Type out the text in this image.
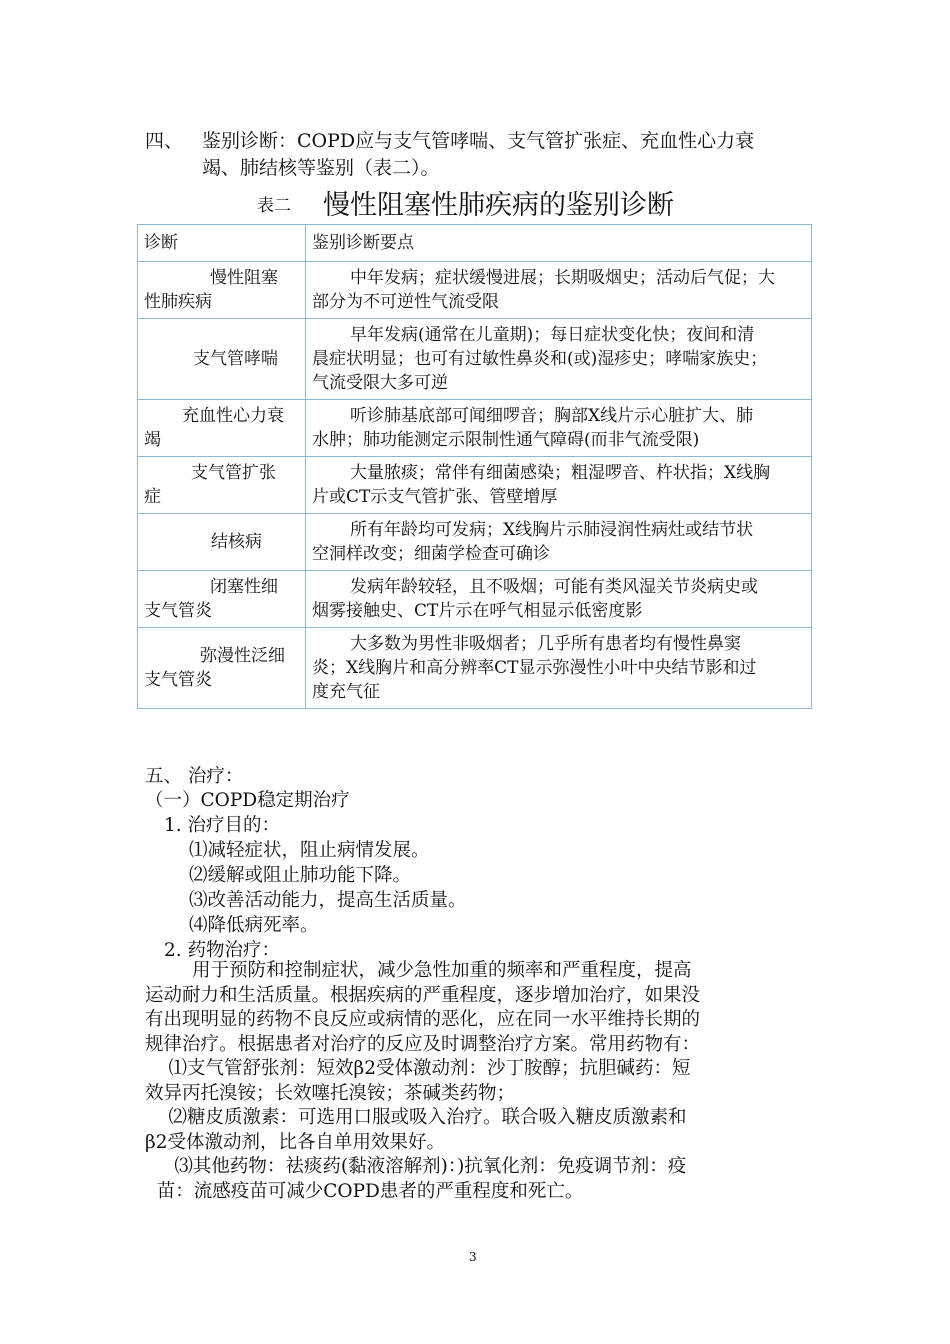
四、 鉴别诊断：COPD应与支气管哮喘、支气管扩张症、充血性心力衰
竭、肺结核等鉴别（表二）。
表二 慢性阻塞性肺疾病的鉴别诊断
诊断	鉴别诊断要点
慢性阻塞
性肺疾病	中年发病；症状缓慢进展；长期吸烟史；活动后气促；大
部分为不可逆性气流受限

支气管哮喘	早年发病(通常在儿童期)；每日症状变化快；夜间和清
晨症状明显；也可有过敏性鼻炎和(或)湿疹史；哮喘家族史；
气流受限大多可逆

充血性心力衰
竭	听诊肺基底部可闻细啰音；胸部X线片示心脏扩大、肺
水肿；肺功能测定示限制性通气障碍(而非气流受限)

支气管扩张
症	大量脓痰；常伴有细菌感染；粗湿啰音、杵状指；X线胸
片或CT示支气管扩张、管壁增厚

结核病	所有年龄均可发病；X线胸片示肺浸润性病灶或结节状
空洞样改变；细菌学检查可确诊

闭塞性细
支气管炎	发病年龄较轻，且不吸烟；可能有类风湿关节炎病史或
烟雾接触史、CT片示在呼气相显示低密度影

弥漫性泛细
支气管炎	大多数为男性非吸烟者；几乎所有患者均有慢性鼻窦
炎；X线胸片和高分辨率CT显示弥漫性小叶中央结节影和过
度充气征
五、 治疗：
（一）COPD稳定期治疗
1. 治疗目的：
⑴减轻症状，阻止病情发展。
⑵缓解或阻止肺功能下降。
⑶改善活动能力，提高生活质量。
⑷降低病死率。
2. 药物治疗：
用于预防和控制症状，减少急性加重的频率和严重程度，提高
运动耐力和生活质量。根据疾病的严重程度，逐步增加治疗，如果没
有出现明显的药物不良反应或病情的恶化，应在同一水平维持长期的
规律治疗。根据患者对治疗的反应及时调整治疗方案。常用药物有：
⑴支气管舒张剂：短效β2受体激动剂：沙丁胺醇；抗胆碱药：短
效异丙托溴铵；长效噻托溴铵；茶碱类药物；
⑵糖皮质激素：可选用口服或吸入治疗。联合吸入糖皮质激素和
β2受体激动剂，比各自单用效果好。
⑶其他药物：祛痰药(黏液溶解剂)：)抗氧化剂：免疫调节剂：疫
苗：流感疫苗可减少COPD患者的严重程度和死亡。
3
